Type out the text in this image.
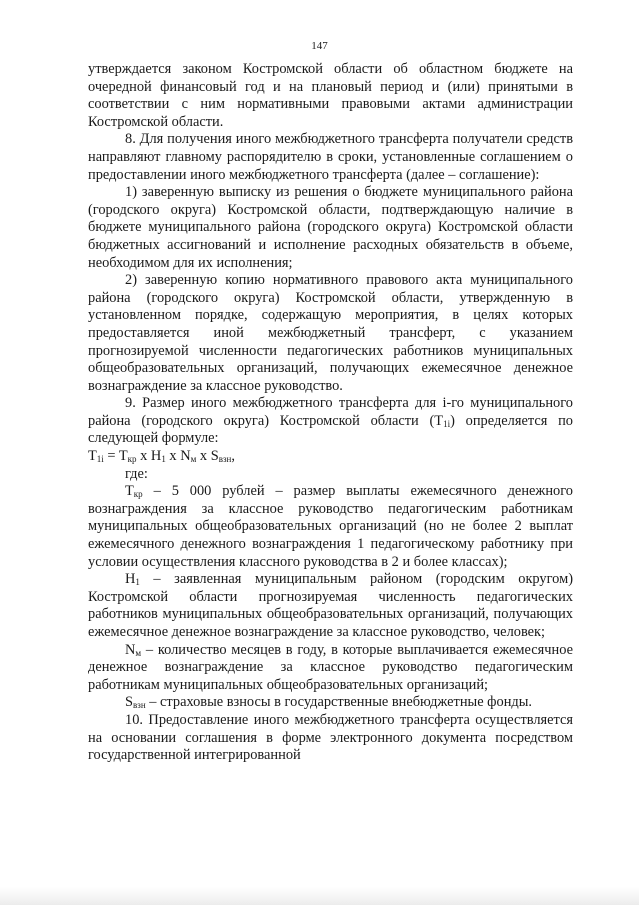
147

утверждается законом Костромской области об областном бюджете на очередной финансовый год и на плановый период и (или) принятыми в соответствии с ним нормативными правовыми актами администрации Костромской области.

8. Для получения иного межбюджетного трансферта получатели средств направляют главному распорядителю в сроки, установленные соглашением о предоставлении иного межбюджетного трансферта (далее – соглашение):

1) заверенную выписку из решения о бюджете муниципального района (городского округа) Костромской области, подтверждающую наличие в бюджете муниципального района (городского округа) Костромской области бюджетных ассигнований и исполнение расходных обязательств в объеме, необходимом для их исполнения;

2) заверенную копию нормативного правового акта муниципального района (городского округа) Костромской области, утвержденную в установленном порядке, содержащую мероприятия, в целях которых предоставляется иной межбюджетный трансферт, с указанием прогнозируемой численности педагогических работников муниципальных общеобразовательных организаций, получающих ежемесячное денежное вознаграждение за классное руководство.

9. Размер иного межбюджетного трансферта для i-го муниципального района (городского округа) Костромской области $(T_{1i})$ определяется по следующей формуле:

$T_{1i} = T_{кр}$ x $H_1$ x $N_м$ x $S_{взн}$,

где:

$T_{кр} - 5$ 000 рублей – размер выплаты ежемесячного денежного вознаграждения за классное руководство педагогическим работникам муниципальных общеобразовательных организаций (но не более 2 выплат ежемесячного денежного вознаграждения 1 педагогическому работнику при условии осуществления классного руководства в 2 и более классах);

$H_1$ – заявленная муниципальным районом (городским округом) Костромской области прогнозируемая численность педагогических работников муниципальных общеобразовательных организаций, получающих ежемесячное денежное вознаграждение за классное руководство, человек;

$N_м$ – количество месяцев в году, в которые выплачивается ежемесячное денежное вознаграждение за классное руководство педагогическим работникам муниципальных общеобразовательных организаций;

$S_{взн}$ – страховые взносы в государственные внебюджетные фонды.

10. Предоставление иного межбюджетного трансферта осуществляется на основании соглашения в форме электронного документа посредством государственной интегрированной
